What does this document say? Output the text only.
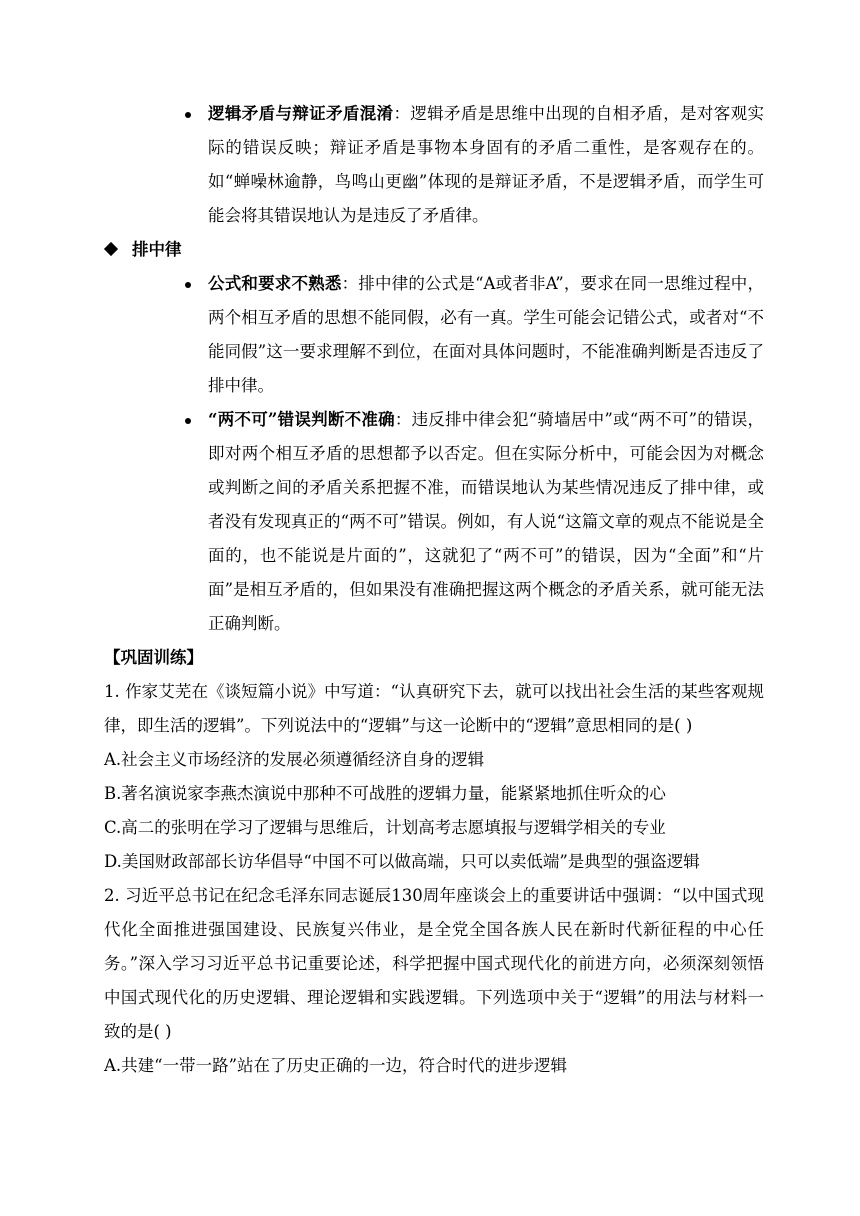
逻辑矛盾与辩证矛盾混淆：逻辑矛盾是思维中出现的自相矛盾，是对客观实际的错误反映；辩证矛盾是事物本身固有的矛盾二重性，是客观存在的。如“蝉噪林逾静，鸟鸣山更幽”体现的是辩证矛盾，不是逻辑矛盾，而学生可能会将其错误地认为是违反了矛盾律。
排中律
公式和要求不熟悉：排中律的公式是“A或者非A”，要求在同一思维过程中，两个相互矛盾的思想不能同假，必有一真。学生可能会记错公式，或者对“不能同假”这一要求理解不到位，在面对具体问题时，不能准确判断是否违反了排中律。
“两不可”错误判断不准确：违反排中律会犯“骑墙居中”或“两不可”的错误，即对两个相互矛盾的思想都予以否定。但在实际分析中，可能会因为对概念或判断之间的矛盾关系把握不准，而错误地认为某些情况违反了排中律，或者没有发现真正的“两不可”错误。例如，有人说“这篇文章的观点不能说是全面的，也不能说是片面的”，这就犯了“两不可”的错误，因为“全面”和“片面”是相互矛盾的，但如果没有准确把握这两个概念的矛盾关系，就可能无法正确判断。
【巩固训练】

1. 作家艾芜在《谈短篇小说》中写道：“认真研究下去，就可以找出社会生活的某些客观规律，即生活的逻辑”。下列说法中的“逻辑”与这一论断中的“逻辑”意思相同的是( )

A.社会主义市场经济的发展必须遵循经济自身的逻辑
B.著名演说家李燕杰演说中那种不可战胜的逻辑力量，能紧紧地抓住听众的心
C.高二的张明在学习了逻辑与思维后，计划高考志愿填报与逻辑学相关的专业
D.美国财政部部长访华倡导“中国不可以做高端，只可以卖低端”是典型的强盗逻辑

2. 习近平总书记在纪念毛泽东同志诞辰130周年座谈会上的重要讲话中强调：“以中国式现代化全面推进强国建设、民族复兴伟业，是全党全国各族人民在新时代新征程的中心任务。”深入学习习近平总书记重要论述，科学把握中国式现代化的前进方向，必须深刻领悟中国式现代化的历史逻辑、理论逻辑和实践逻辑。下列选项中关于“逻辑”的用法与材料一致的是( )

A.共建“一带一路”站在了历史正确的一边，符合时代的进步逻辑
